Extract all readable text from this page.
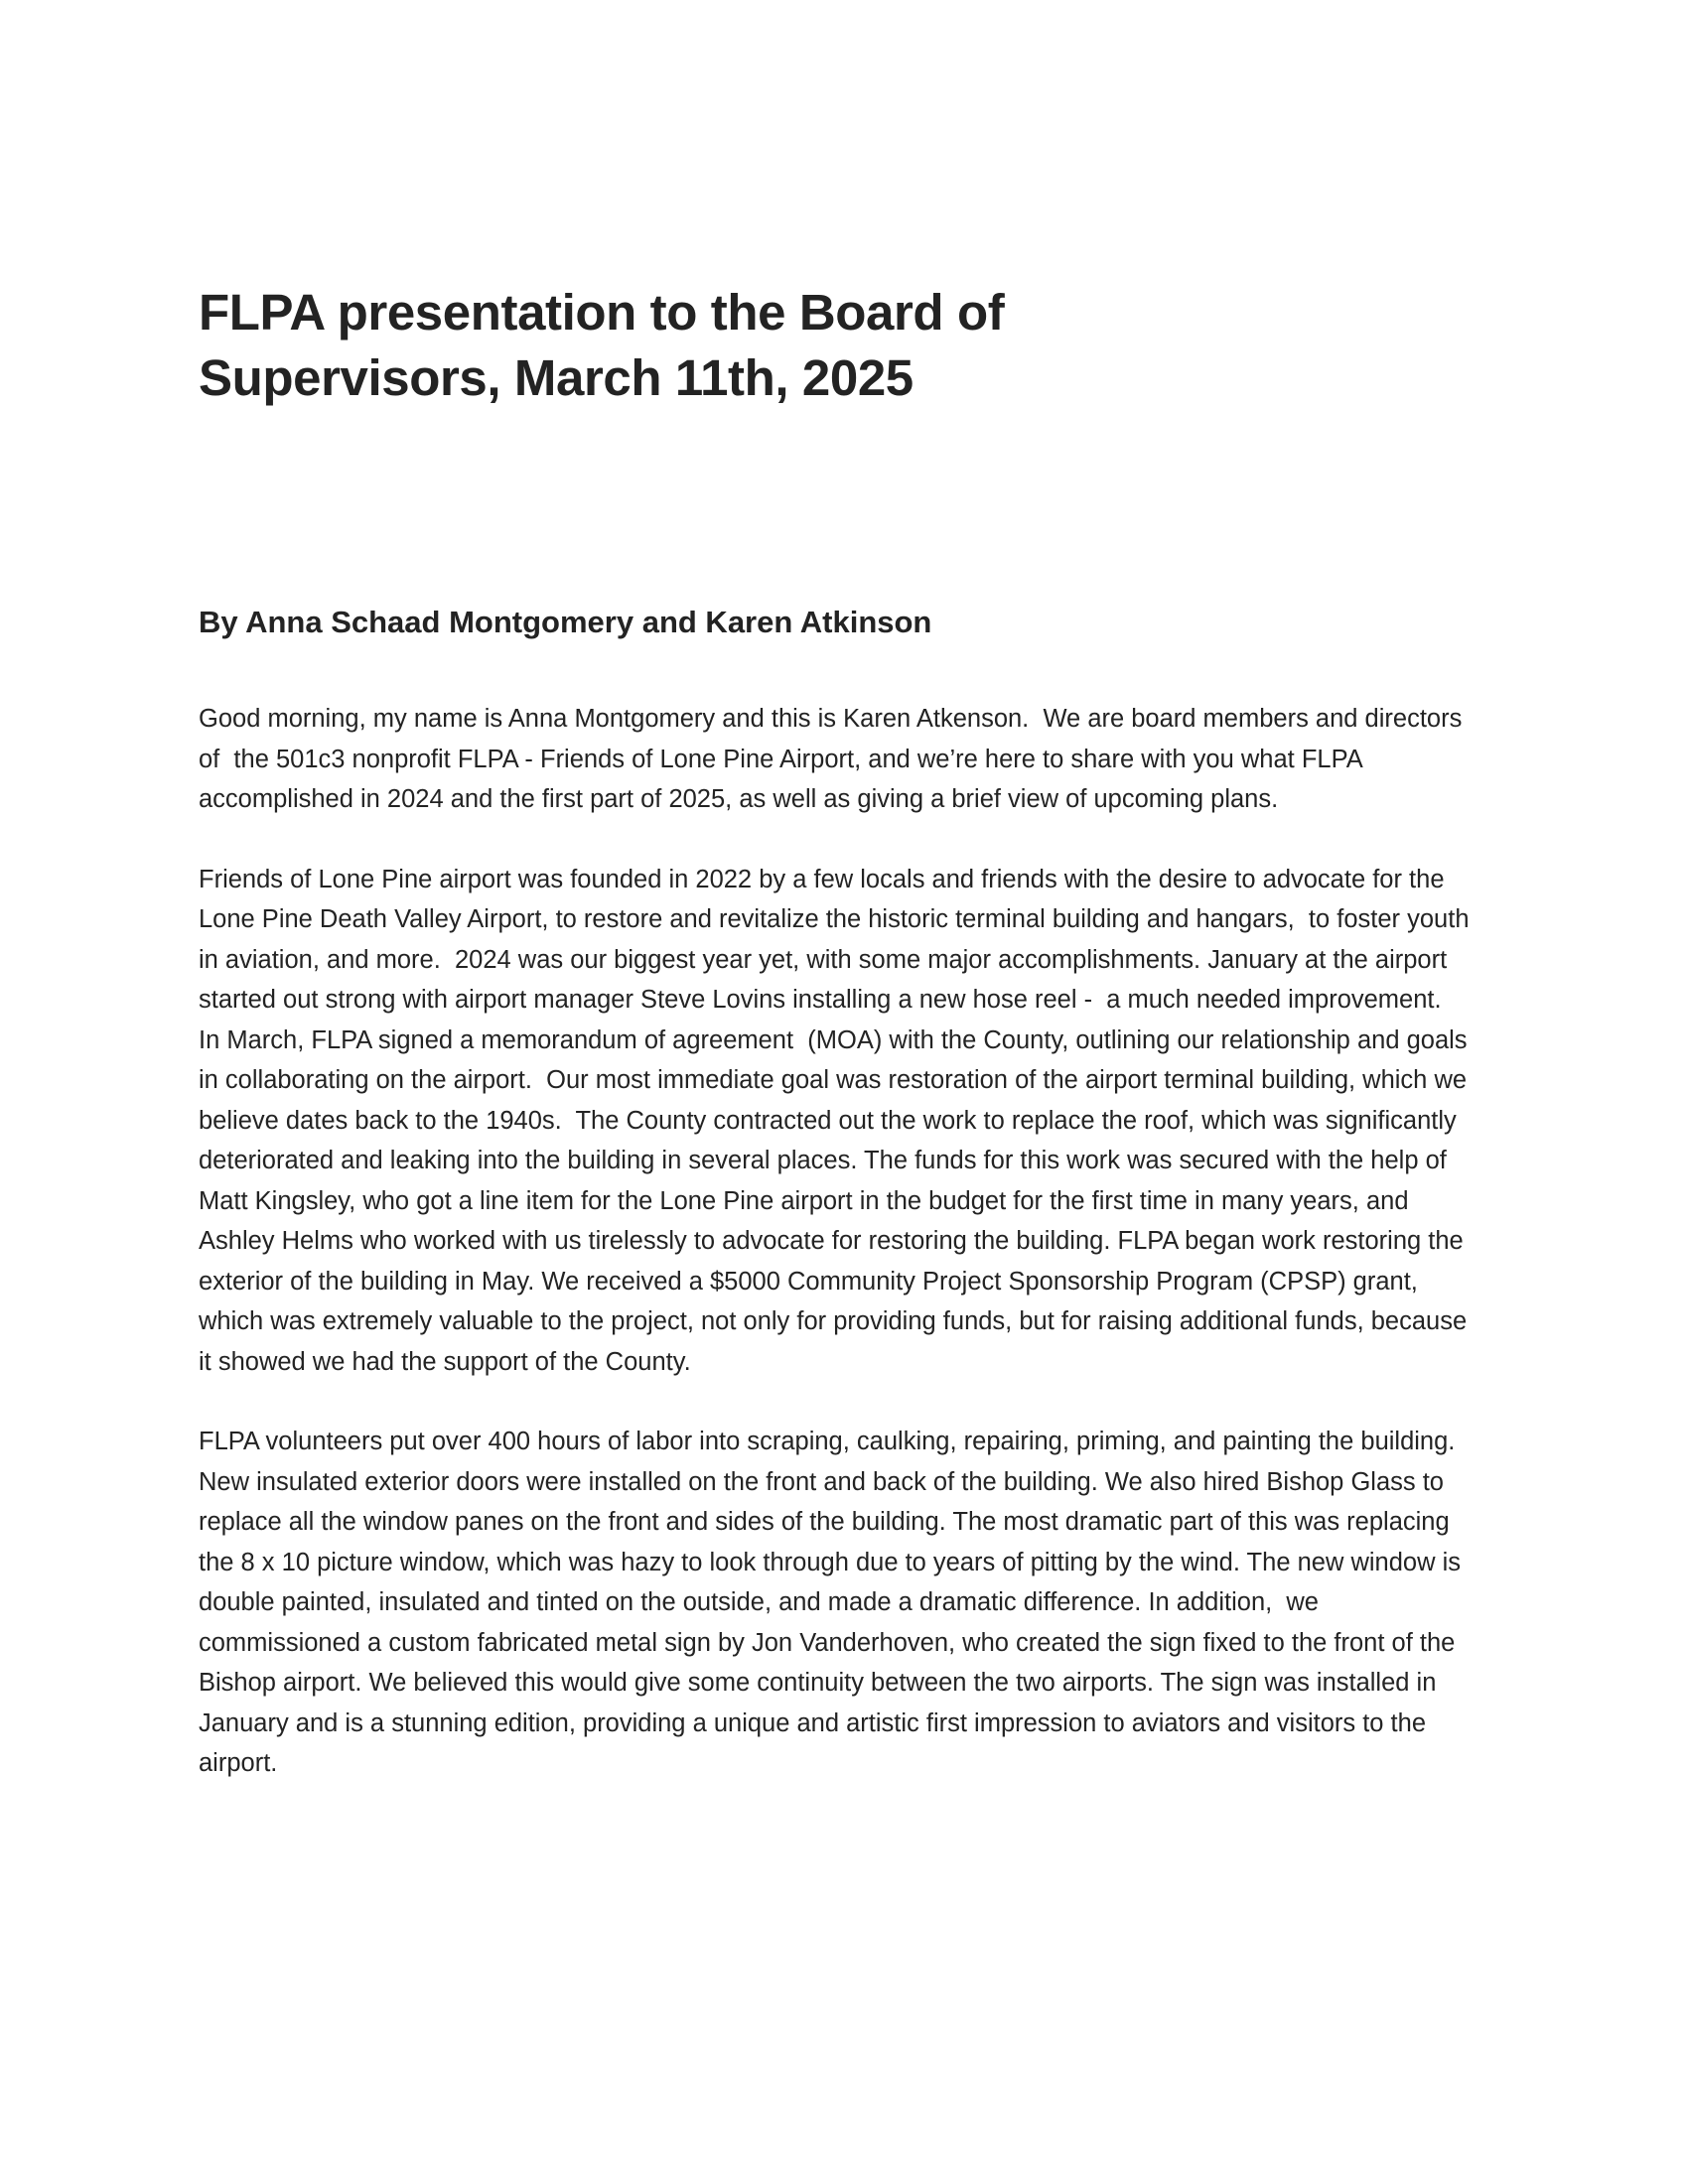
FLPA presentation to the Board of Supervisors, March 11th, 2025
By Anna Schaad Montgomery and Karen Atkinson

Good morning, my name is Anna Montgomery and this is Karen Atkenson.  We are board members and directors of  the 501c3 nonprofit FLPA - Friends of Lone Pine Airport, and we’re here to share with you what FLPA accomplished in 2024 and the first part of 2025, as well as giving a brief view of upcoming plans.

Friends of Lone Pine airport was founded in 2022 by a few locals and friends with the desire to advocate for the Lone Pine Death Valley Airport, to restore and revitalize the historic terminal building and hangars,  to foster youth in aviation, and more.  2024 was our biggest year yet, with some major accomplishments. January at the airport started out strong with airport manager Steve Lovins installing a new hose reel -  a much needed improvement.  In March, FLPA signed a memorandum of agreement  (MOA) with the County, outlining our relationship and goals in collaborating on the airport.  Our most immediate goal was restoration of the airport terminal building, which we believe dates back to the 1940s.  The County contracted out the work to replace the roof, which was significantly deteriorated and leaking into the building in several places. The funds for this work was secured with the help of Matt Kingsley, who got a line item for the Lone Pine airport in the budget for the first time in many years, and Ashley Helms who worked with us tirelessly to advocate for restoring the building. FLPA began work restoring the exterior of the building in May. We received a $5000 Community Project Sponsorship Program (CPSP) grant, which was extremely valuable to the project, not only for providing funds, but for raising additional funds, because it showed we had the support of the County.

FLPA volunteers put over 400 hours of labor into scraping, caulking, repairing, priming, and painting the building. New insulated exterior doors were installed on the front and back of the building. We also hired Bishop Glass to replace all the window panes on the front and sides of the building. The most dramatic part of this was replacing the 8 x 10 picture window, which was hazy to look through due to years of pitting by the wind. The new window is double painted, insulated and tinted on the outside, and made a dramatic difference. In addition,  we commissioned a custom fabricated metal sign by Jon Vanderhoven, who created the sign fixed to the front of the Bishop airport. We believed this would give some continuity between the two airports. The sign was installed in January and is a stunning edition, providing a unique and artistic first impression to aviators and visitors to the airport.
